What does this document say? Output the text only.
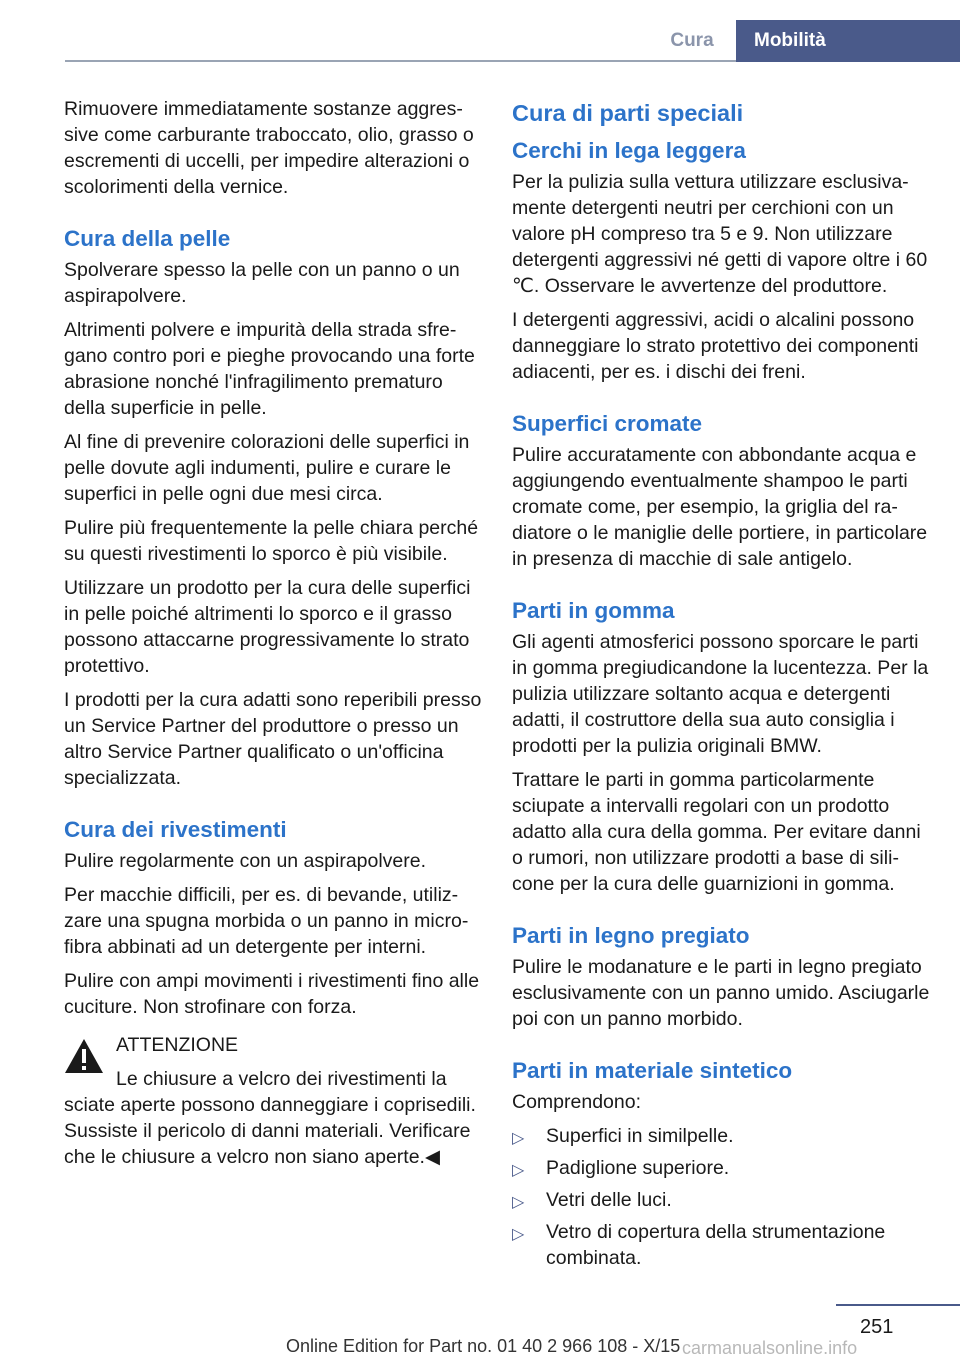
Cura	Mobilità

Rimuovere immediatamente sostanze aggressive come carburante traboccato, olio, grasso o escrementi di uccelli, per impedire alterazioni o scolorimenti della vernice.

Cura della pelle

Spolverare spesso la pelle con un panno o un aspirapolvere.

Altrimenti polvere e impurità della strada sfregano contro pori e pieghe provocando una forte abrasione nonché l'infragilimento prematuro della superficie in pelle.

Al fine di prevenire colorazioni delle superfici in pelle dovute agli indumenti, pulire e curare le superfici in pelle ogni due mesi circa.

Pulire più frequentemente la pelle chiara perché su questi rivestimenti lo sporco è più visibile.

Utilizzare un prodotto per la cura delle superfici in pelle poiché altrimenti lo sporco e il grasso possono attaccarne progressivamente lo strato protettivo.

I prodotti per la cura adatti sono reperibili presso un Service Partner del produttore o presso un altro Service Partner qualificato o un'officina specializzata.

Cura dei rivestimenti

Pulire regolarmente con un aspirapolvere.

Per macchie difficili, per es. di bevande, utilizzare una spugna morbida o un panno in microfibra abbinati ad un detergente per interni.

Pulire con ampi movimenti i rivestimenti fino alle cuciture. Non strofinare con forza.

ATTENZIONE

Le chiusure a velcro dei rivestimenti la

sciate aperte possono danneggiare i coprisedili. Sussiste il pericolo di danni materiali. Verificare che le chiusure a velcro non siano aperte.◀

Cura di parti speciali
Cerchi in lega leggera

Per la pulizia sulla vettura utilizzare esclusivamente detergenti neutri per cerchioni con un valore pH compreso tra 5 e 9. Non utilizzare detergenti aggressivi né getti di vapore oltre i 60 ℃. Osservare le avvertenze del produttore.

I detergenti aggressivi, acidi o alcalini possono danneggiare lo strato protettivo dei componenti adiacenti, per es. i dischi dei freni.

Superfici cromate

Pulire accuratamente con abbondante acqua e aggiungendo eventualmente shampoo le parti cromate come, per esempio, la griglia del radiatore o le maniglie delle portiere, in particolare in presenza di macchie di sale antigelo.

Parti in gomma

Gli agenti atmosferici possono sporcare le parti in gomma pregiudicandone la lucentezza. Per la pulizia utilizzare soltanto acqua e detergenti adatti, il costruttore della sua auto consiglia i prodotti per la pulizia originali BMW.

Trattare le parti in gomma particolarmente sciupate a intervalli regolari con un prodotto adatto alla cura della gomma. Per evitare danni o rumori, non utilizzare prodotti a base di silicone per la cura delle guarnizioni in gomma.

Parti in legno pregiato

Pulire le modanature e le parti in legno pregiato esclusivamente con un panno umido. Asciugarle poi con un panno morbido.

Parti in materiale sintetico

Comprendono:

▷ Superfici in similpelle.
▷ Padiglione superiore.
▷ Vetri delle luci.
▷ Vetro di copertura della strumentazione combinata.
251
Online Edition for Part no. 01 40 2 966 108 - X/15 carmanualsonline.info
